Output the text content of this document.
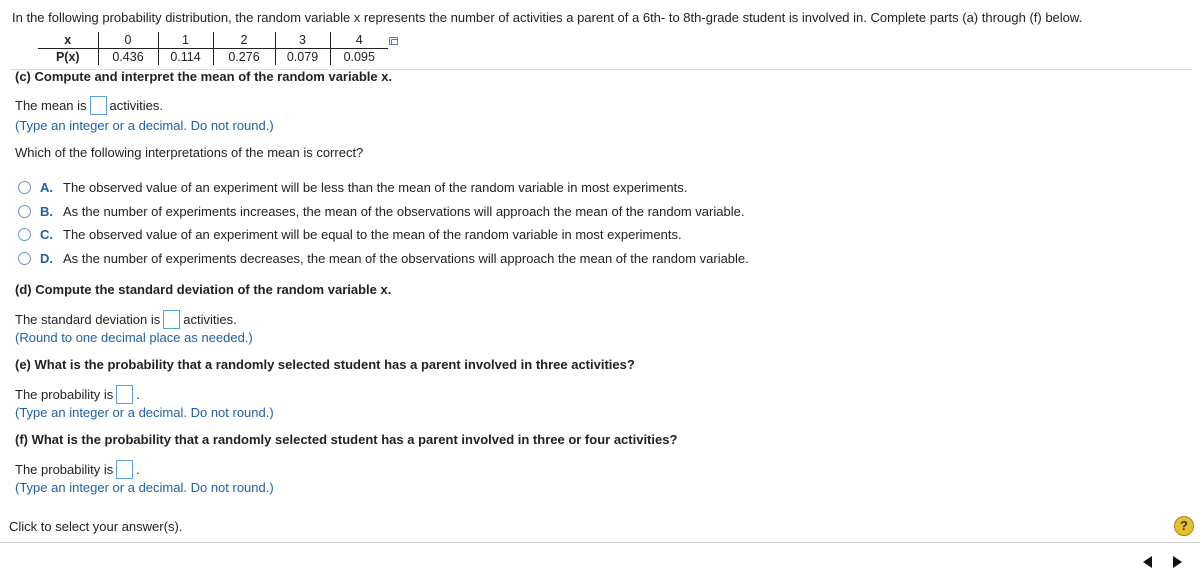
In the following probability distribution, the random variable x represents the number of activities a parent of a 6th- to 8th-grade student is involved in. Complete parts (a) through (f) below.
x	0	1	2	3	4
P(x)	0.436	0.114	0.276	0.079	0.095
(c) Compute and interpret the mean of the random variable x.
The mean is activities.
(Type an integer or a decimal. Do not round.)
Which of the following interpretations of the mean is correct?
A. The observed value of an experiment will be less than the mean of the random variable in most experiments.
B. As the number of experiments increases, the mean of the observations will approach the mean of the random variable.
C. The observed value of an experiment will be equal to the mean of the random variable in most experiments.
D. As the number of experiments decreases, the mean of the observations will approach the mean of the random variable.
(d) Compute the standard deviation of the random variable x.
The standard deviation is activities.
(Round to one decimal place as needed.)
(e) What is the probability that a randomly selected student has a parent involved in three activities?
The probability is .
(Type an integer or a decimal. Do not round.)
(f) What is the probability that a randomly selected student has a parent involved in three or four activities?
The probability is .
(Type an integer or a decimal. Do not round.)
Click to select your answer(s).	?
